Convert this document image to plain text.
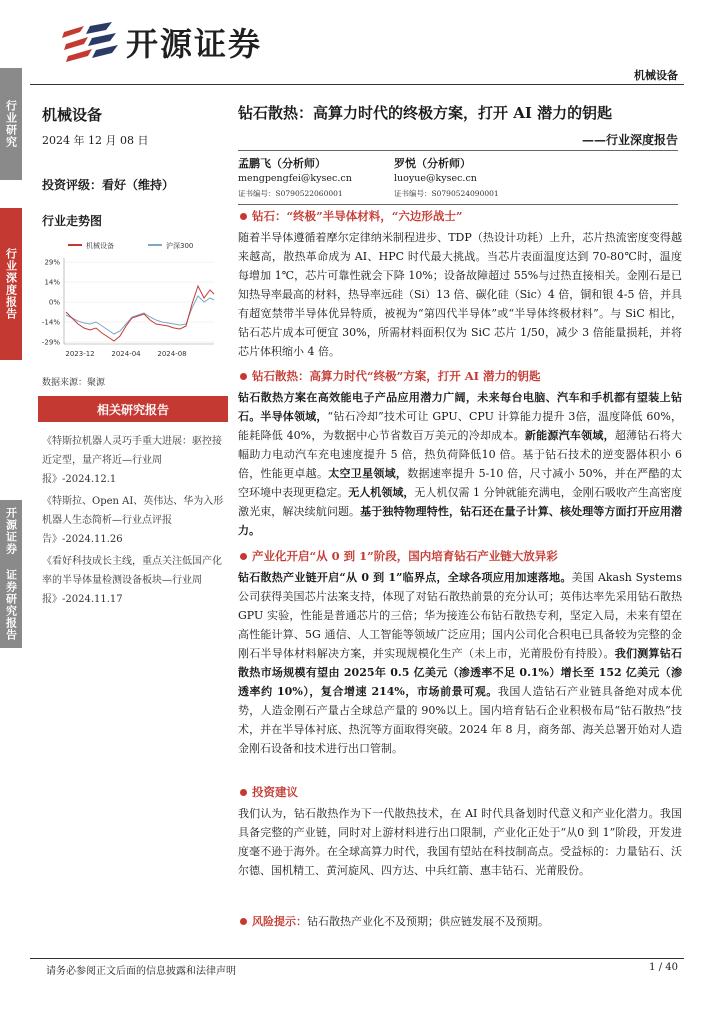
开源证券
机械设备
行业研究
行业深度报告
开源证券 证券研究报告
机械设备
2024 年 12 月 08 日
投资评级：看好（维持）
行业走势图
机械设备	沪深300
29%
14%
0%
-14%
-29%
2023-12 2024-04 2024-08
数据来源：聚源
相关研究报告

《特斯拉机器人灵巧手重大进展：驱控接近定型，量产将近—行业周报》-2024.12.1

《特斯拉、Open AI、英伟达、华为入形机器人生态简析—行业点评报告》-2024.11.26

《看好科技成长主线，重点关注低国产化率的半导体量检测设备板块—行业周报》-2024.11.17

钻石散热：高算力时代的终极方案，打开 AI 潜力的钥匙
——行业深度报告
孟鹏飞（分析师）
mengpengfei@kysec.cn
证书编号：S0790522060001
罗悦（分析师）
luoyue@kysec.cn
证书编号：S0790524090001
钻石：“终极”半导体材料，“六边形战士”
随着半导体遵循着摩尔定律纳米制程进步、TDP（热设计功耗）上升，芯片热流密度变得越来越高，散热革命成为 AI、HPC 时代最大挑战。当芯片表面温度达到 70-80℃时，温度每增加 1℃，芯片可靠性就会下降 10%；设备故障超过 55%与过热直接相关。金刚石是已知热导率最高的材料，热导率远硅（Si）13 倍、碳化硅（Sic）4 倍，铜和银 4-5 倍，并具有超宽禁带半导体优异特质，被视为“第四代半导体”或“半导体终极材料”。与 SiC 相比，钻石芯片成本可便宜 30%，所需材料面积仅为 SiC 芯片 1/50，减少 3 倍能量损耗，并将芯片体积缩小 4 倍。
钻石散热：高算力时代“终极”方案，打开 AI 潜力的钥匙
钻石散热方案在高效能电子产品应用潜力广阔，未来每台电脑、汽车和手机都有望装上钻石。半导体领域，“钻石冷却”技术可让 GPU、CPU 计算能力提升 3倍，温度降低 60%，能耗降低 40%，为数据中心节省数百万美元的冷却成本。新能源汽车领域，超薄钻石将大幅助力电动汽车充电速度提升 5 倍，热负荷降低10 倍。基于钻石技术的逆变器体积小 6 倍，性能更卓越。太空卫星领域，数据速率提升 5-10 倍，尺寸减小 50%，并在严酷的太空环境中表现更稳定。无人机领域，无人机仅需 1 分钟就能充满电，金刚石吸收产生高密度激光束，解决续航问题。基于独特物理特性，钻石还在量子计算、核处理等方面打开应用潜力。
产业化开启“从 0 到 1”阶段，国内培育钻石产业链大放异彩
钻石散热产业链开启“从 0 到 1”临界点，全球各项应用加速落地。美国 Akash Systems 公司获得美国芯片法案支持，体现了对钻石散热前景的充分认可；英伟达率先采用钻石散热 GPU 实验，性能是普通芯片的三倍；华为接连公布钻石散热专利，坚定入局，未来有望在高性能计算、5G 通信、人工智能等领域广泛应用；国内公司化合积电已具备较为完整的金刚石半导体材料解决方案，并实现规模化生产（未上市，光莆股份有持股）。我们测算钻石散热市场规模有望由 2025年 0.5 亿美元（渗透率不足 0.1%）增长至 152 亿美元（渗透率约 10%），复合增速 214%，市场前景可观。我国人造钻石产业链具备绝对成本优势，人造金刚石产量占全球总产量的 90%以上。国内培育钻石企业积极布局“钻石散热”技术，并在半导体衬底、热沉等方面取得突破。2024 年 8 月，商务部、海关总署开始对人造金刚石设备和技术进行出口管制。
投资建议
我们认为，钻石散热作为下一代散热技术，在 AI 时代具备划时代意义和产业化潜力。我国具备完整的产业链，同时对上游材料进行出口限制，产业化正处于“从0 到 1”阶段，开发进度毫不逊于海外。在全球高算力时代，我国有望站在科技制高点。受益标的：力量钻石、沃尔德、国机精工、黄河旋风、四方达、中兵红箭、惠丰钻石、光莆股份。
风险提示：钻石散热产业化不及预期；供应链发展不及预期。
请务必参阅正文后面的信息披露和法律声明	1 / 40
